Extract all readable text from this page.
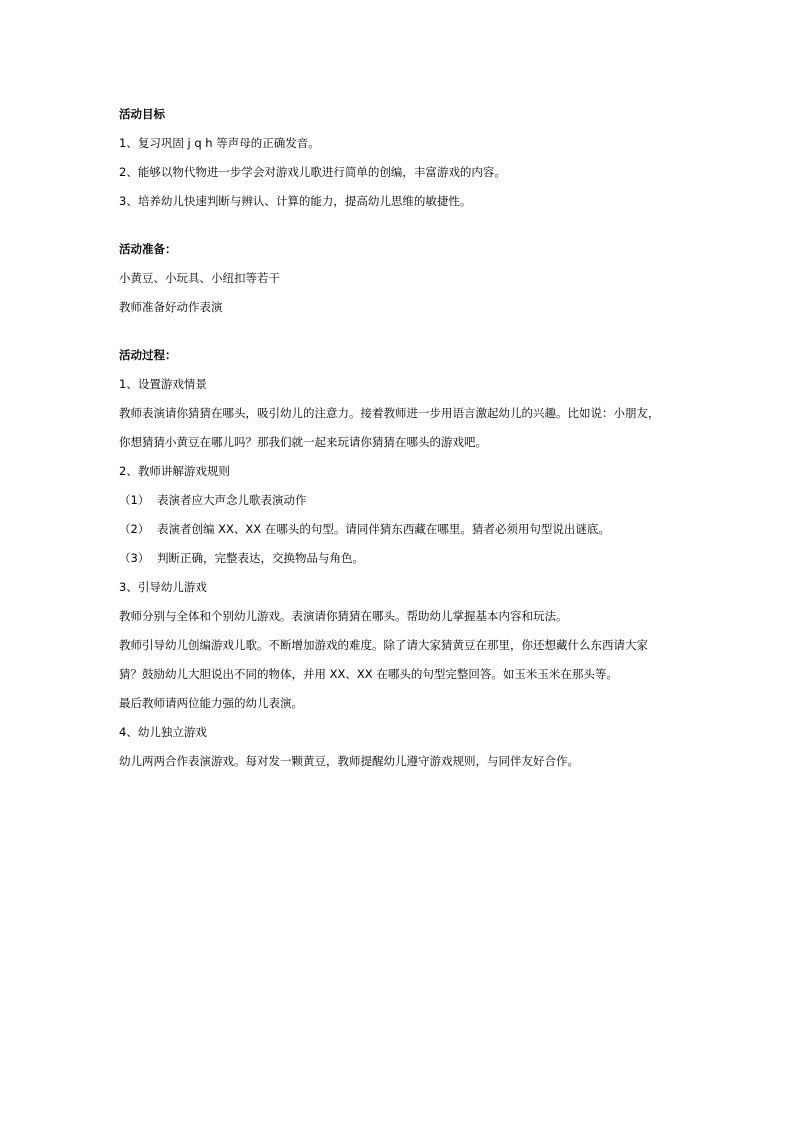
活动目标
1、复习巩固 j q h 等声母的正确发音。
2、能够以物代物进一步学会对游戏儿歌进行简单的创编，丰富游戏的内容。
3、培养幼儿快速判断与辨认、计算的能力，提高幼儿思维的敏捷性。
活动准备：
小黄豆、小玩具、小纽扣等若干
教师准备好动作表演
活动过程：
1、设置游戏情景
教师表演请你猜猜在哪头，吸引幼儿的注意力。接着教师进一步用语言激起幼儿的兴趣。比如说：小朋友，
你想猜猜小黄豆在哪儿吗？那我们就一起来玩请你猜猜在哪头的游戏吧。
2、教师讲解游戏规则
（1） 表演者应大声念儿歌表演动作
（2） 表演者创编 XX、XX 在哪头的句型。请同伴猜东西藏在哪里。猜者必须用句型说出谜底。
（3） 判断正确，完整表达，交换物品与角色。
3、引导幼儿游戏
教师分别与全体和个别幼儿游戏。表演请你猜猜在哪头。帮助幼儿掌握基本内容和玩法。
教师引导幼儿创编游戏儿歌。不断增加游戏的难度。除了请大家猜黄豆在那里，你还想藏什么东西请大家
猜？鼓励幼儿大胆说出不同的物体，并用 XX、XX 在哪头的句型完整回答。如玉米玉米在那头等。
最后教师请两位能力强的幼儿表演。
4、幼儿独立游戏
幼儿两两合作表演游戏。每对发一颗黄豆，教师提醒幼儿遵守游戏规则，与同伴友好合作。
